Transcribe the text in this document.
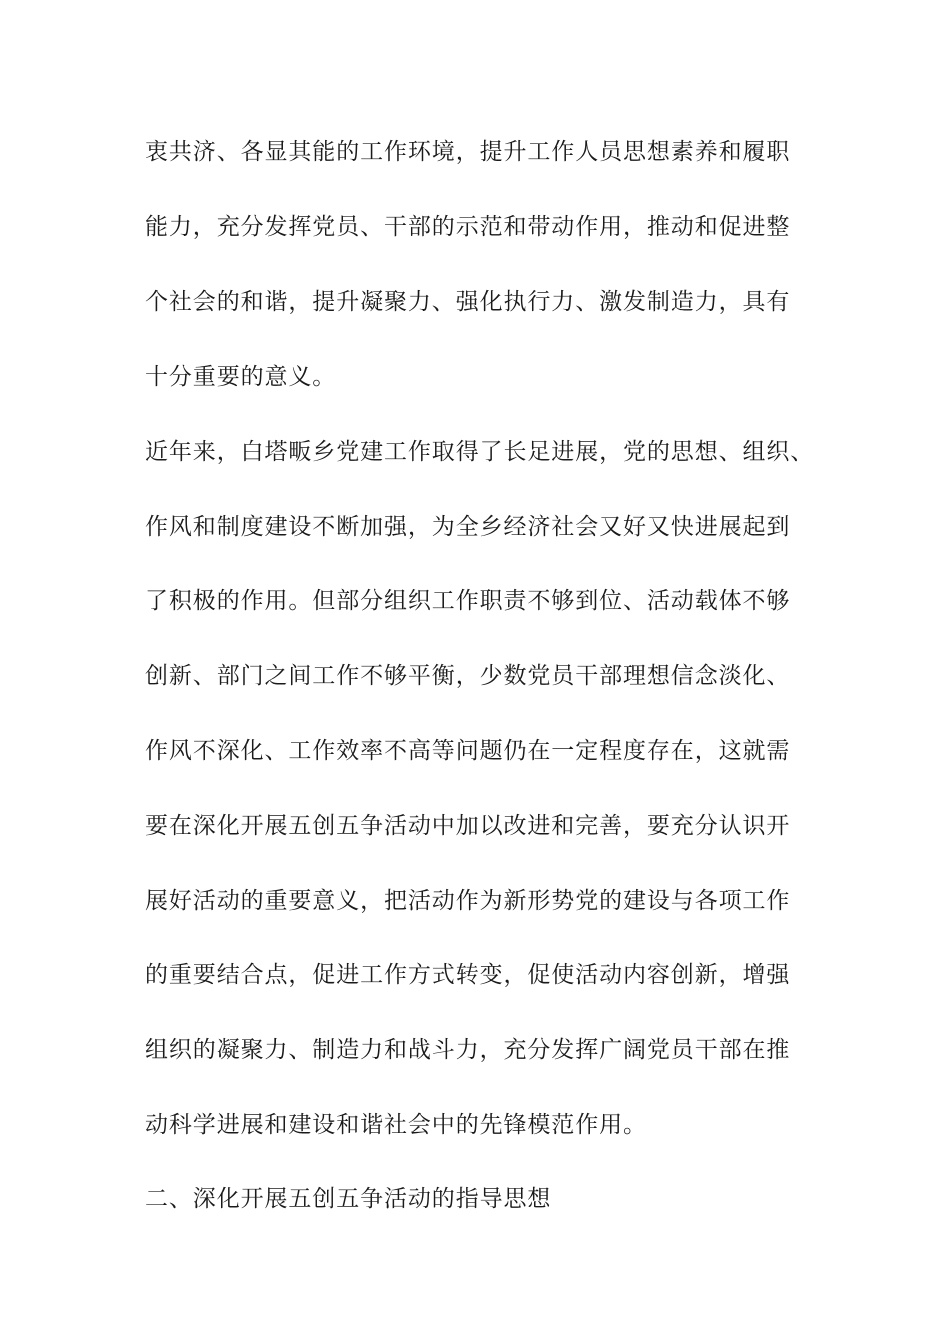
衷共济、各显其能的工作环境，提升工作人员思想素养和履职
能力，充分发挥党员、干部的示范和带动作用，推动和促进整
个社会的和谐，提升凝聚力、强化执行力、激发制造力，具有
十分重要的意义。
近年来，白塔畈乡党建工作取得了长足进展，党的思想、组织、
作风和制度建设不断加强，为全乡经济社会又好又快进展起到
了积极的作用。但部分组织工作职责不够到位、活动载体不够
创新、部门之间工作不够平衡，少数党员干部理想信念淡化、
作风不深化、工作效率不高等问题仍在一定程度存在，这就需
要在深化开展五创五争活动中加以改进和完善，要充分认识开
展好活动的重要意义，把活动作为新形势党的建设与各项工作
的重要结合点，促进工作方式转变，促使活动内容创新，增强
组织的凝聚力、制造力和战斗力，充分发挥广阔党员干部在推
动科学进展和建设和谐社会中的先锋模范作用。
二、深化开展五创五争活动的指导思想
